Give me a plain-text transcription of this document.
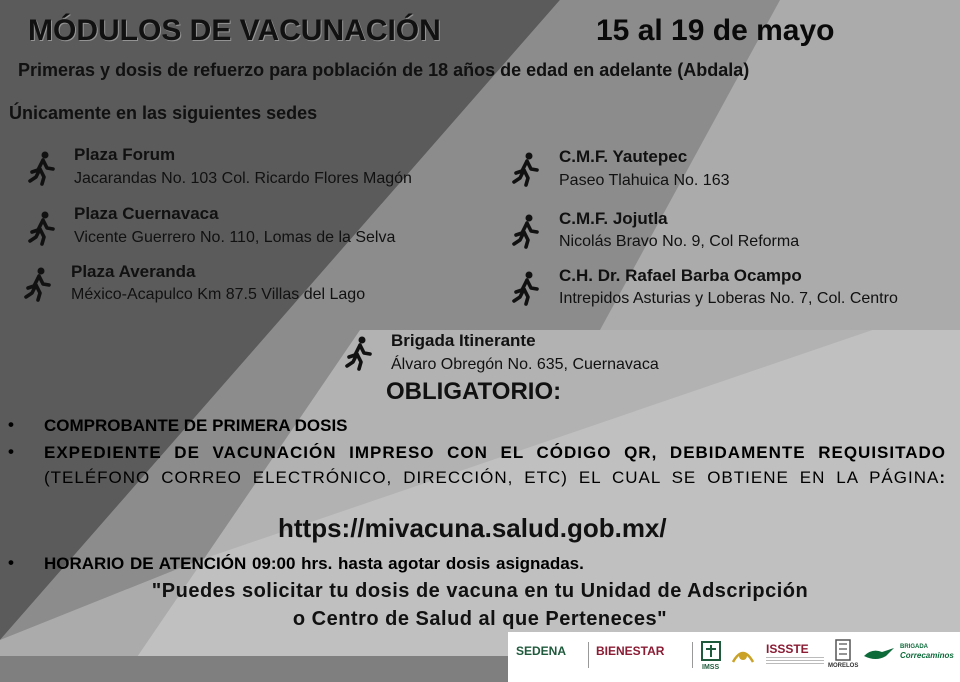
MÓDULOS DE VACUNACIÓN	15 al 19 de mayo
Primeras y dosis de refuerzo para población de 18 años de edad en adelante (Abdala)
Únicamente en las siguientes sedes
Plaza Forum
Jacarandas No. 103 Col. Ricardo Flores Magón
Plaza Cuernavaca
Vicente Guerrero No. 110, Lomas de la Selva
Plaza Averanda
México-Acapulco Km 87.5 Villas del Lago
C.M.F. Yautepec
Paseo Tlahuica No. 163
C.M.F. Jojutla
Nicolás Bravo No. 9, Col Reforma
C.H. Dr. Rafael Barba Ocampo
Intrepidos Asturias y Loberas No. 7, Col. Centro
Brigada Itinerante
Álvaro Obregón No. 635, Cuernavaca
OBLIGATORIO:
• COMPROBANTE DE PRIMERA DOSIS
• EXPEDIENTE DE VACUNACIÓN IMPRESO CON EL CÓDIGO QR, DEBIDAMENTE REQUISITADO (TELÉFONO CORREO ELECTRÓNICO, DIRECCIÓN, ETC) EL CUAL SE OBTIENE EN LA PÁGINA:
https://mivacuna.salud.gob.mx/
• HORARIO DE ATENCIÓN 09:00 hrs. hasta agotar dosis asignadas.
"Puedes solicitar tu dosis de vacuna en tu Unidad de Adscripción
o Centro de Salud al que Perteneces"
SEDENA BIENESTAR
IMSS
ISSSTE
MORELOS
BRIGADA
Correcaminos
